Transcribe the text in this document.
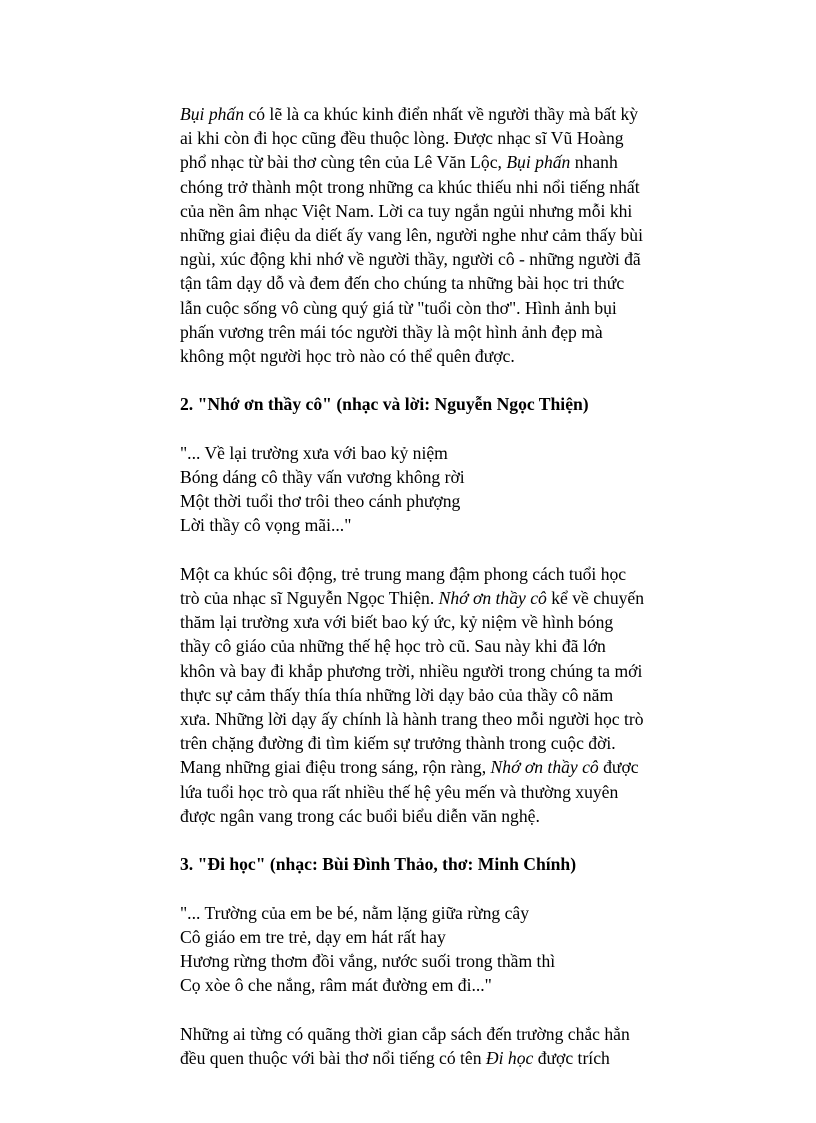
Bụi phấn có lẽ là ca khúc kinh điển nhất về người thầy mà bất kỳ
ai khi còn đi học cũng đều thuộc lòng. Được nhạc sĩ Vũ Hoàng
phổ nhạc từ bài thơ cùng tên của Lê Văn Lộc, Bụi phấn nhanh
chóng trở thành một trong những ca khúc thiếu nhi nổi tiếng nhất
của nền âm nhạc Việt Nam. Lời ca tuy ngắn ngủi nhưng mỗi khi
những giai điệu da diết ấy vang lên, người nghe như cảm thấy bùi
ngùi, xúc động khi nhớ về người thầy, người cô - những người đã
tận tâm dạy dỗ và đem đến cho chúng ta những bài học tri thức
lẫn cuộc sống vô cùng quý giá từ "tuổi còn thơ". Hình ảnh bụi
phấn vương trên mái tóc người thầy là một hình ảnh đẹp mà
không một người học trò nào có thể quên được.

2. "Nhớ ơn thầy cô" (nhạc và lời: Nguyễn Ngọc Thiện)

"... Về lại trường xưa với bao kỷ niệm
Bóng dáng cô thầy vấn vương không rời
Một thời tuổi thơ trôi theo cánh phượng
Lời thầy cô vọng mãi..."

Một ca khúc sôi động, trẻ trung mang đậm phong cách tuổi học
trò của nhạc sĩ Nguyễn Ngọc Thiện. Nhớ ơn thầy cô kể về chuyến
thăm lại trường xưa với biết bao ký ức, kỷ niệm về hình bóng
thầy cô giáo của những thế hệ học trò cũ. Sau này khi đã lớn
khôn và bay đi khắp phương trời, nhiều người trong chúng ta mới
thực sự cảm thấy thía thía những lời dạy bảo của thầy cô năm
xưa. Những lời dạy ấy chính là hành trang theo mỗi người học trò
trên chặng đường đi tìm kiếm sự trưởng thành trong cuộc đời.
Mang những giai điệu trong sáng, rộn ràng, Nhớ ơn thầy cô được
lứa tuổi học trò qua rất nhiều thế hệ yêu mến và thường xuyên
được ngân vang trong các buổi biểu diễn văn nghệ.

3. "Đi học" (nhạc: Bùi Đình Thảo, thơ: Minh Chính)

"... Trường của em be bé, nằm lặng giữa rừng cây
Cô giáo em tre trẻ, dạy em hát rất hay
Hương rừng thơm đồi vắng, nước suối trong thầm thì
Cọ xòe ô che nắng, râm mát đường em đi..."

Những ai từng có quãng thời gian cắp sách đến trường chắc hẳn
đều quen thuộc với bài thơ nổi tiếng có tên Đi học được trích
